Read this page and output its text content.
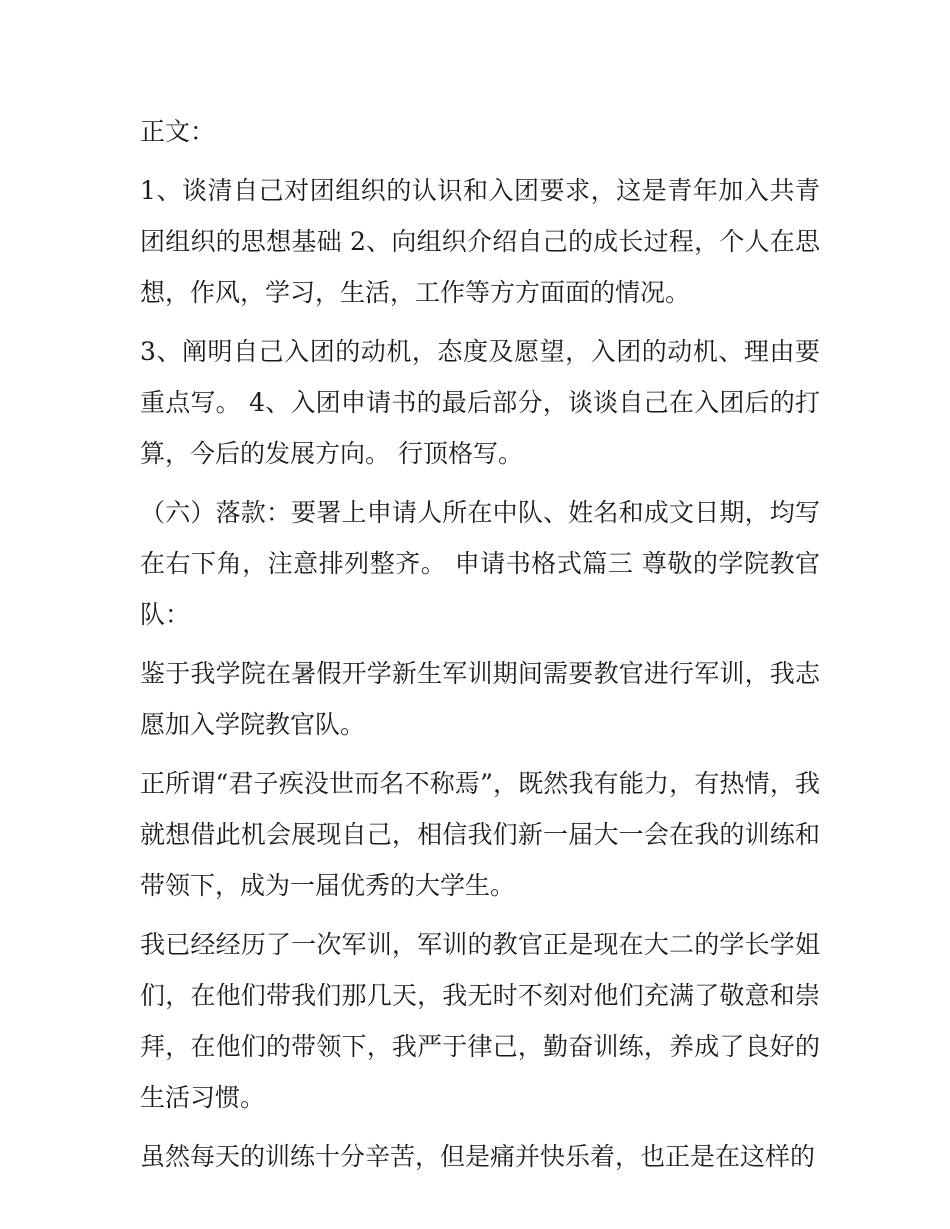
正文：

1、谈清自己对团组织的认识和入团要求，这是青年加入共青团组织的思想基础 2、向组织介绍自己的成长过程，个人在思想，作风，学习，生活，工作等方方面面的情况。

3、阐明自己入团的动机，态度及愿望，入团的动机、理由要重点写。 4、入团申请书的最后部分，谈谈自己在入团后的打算，今后的发展方向。 行顶格写。

（六）落款：要署上申请人所在中队、姓名和成文日期，均写在右下角，注意排列整齐。 申请书格式篇三 尊敬的学院教官队：

鉴于我学院在暑假开学新生军训期间需要教官进行军训，我志愿加入学院教官队。

正所谓“君子疾没世而名不称焉”，既然我有能力，有热情，我就想借此机会展现自己，相信我们新一届大一会在我的训练和带领下，成为一届优秀的大学生。

我已经经历了一次军训，军训的教官正是现在大二的学长学姐们，在他们带我们那几天，我无时不刻对他们充满了敬意和崇拜，在他们的带领下，我严于律己，勤奋训练，养成了良好的生活习惯。

虽然每天的训练十分辛苦，但是痛并快乐着，也正是在这样的
